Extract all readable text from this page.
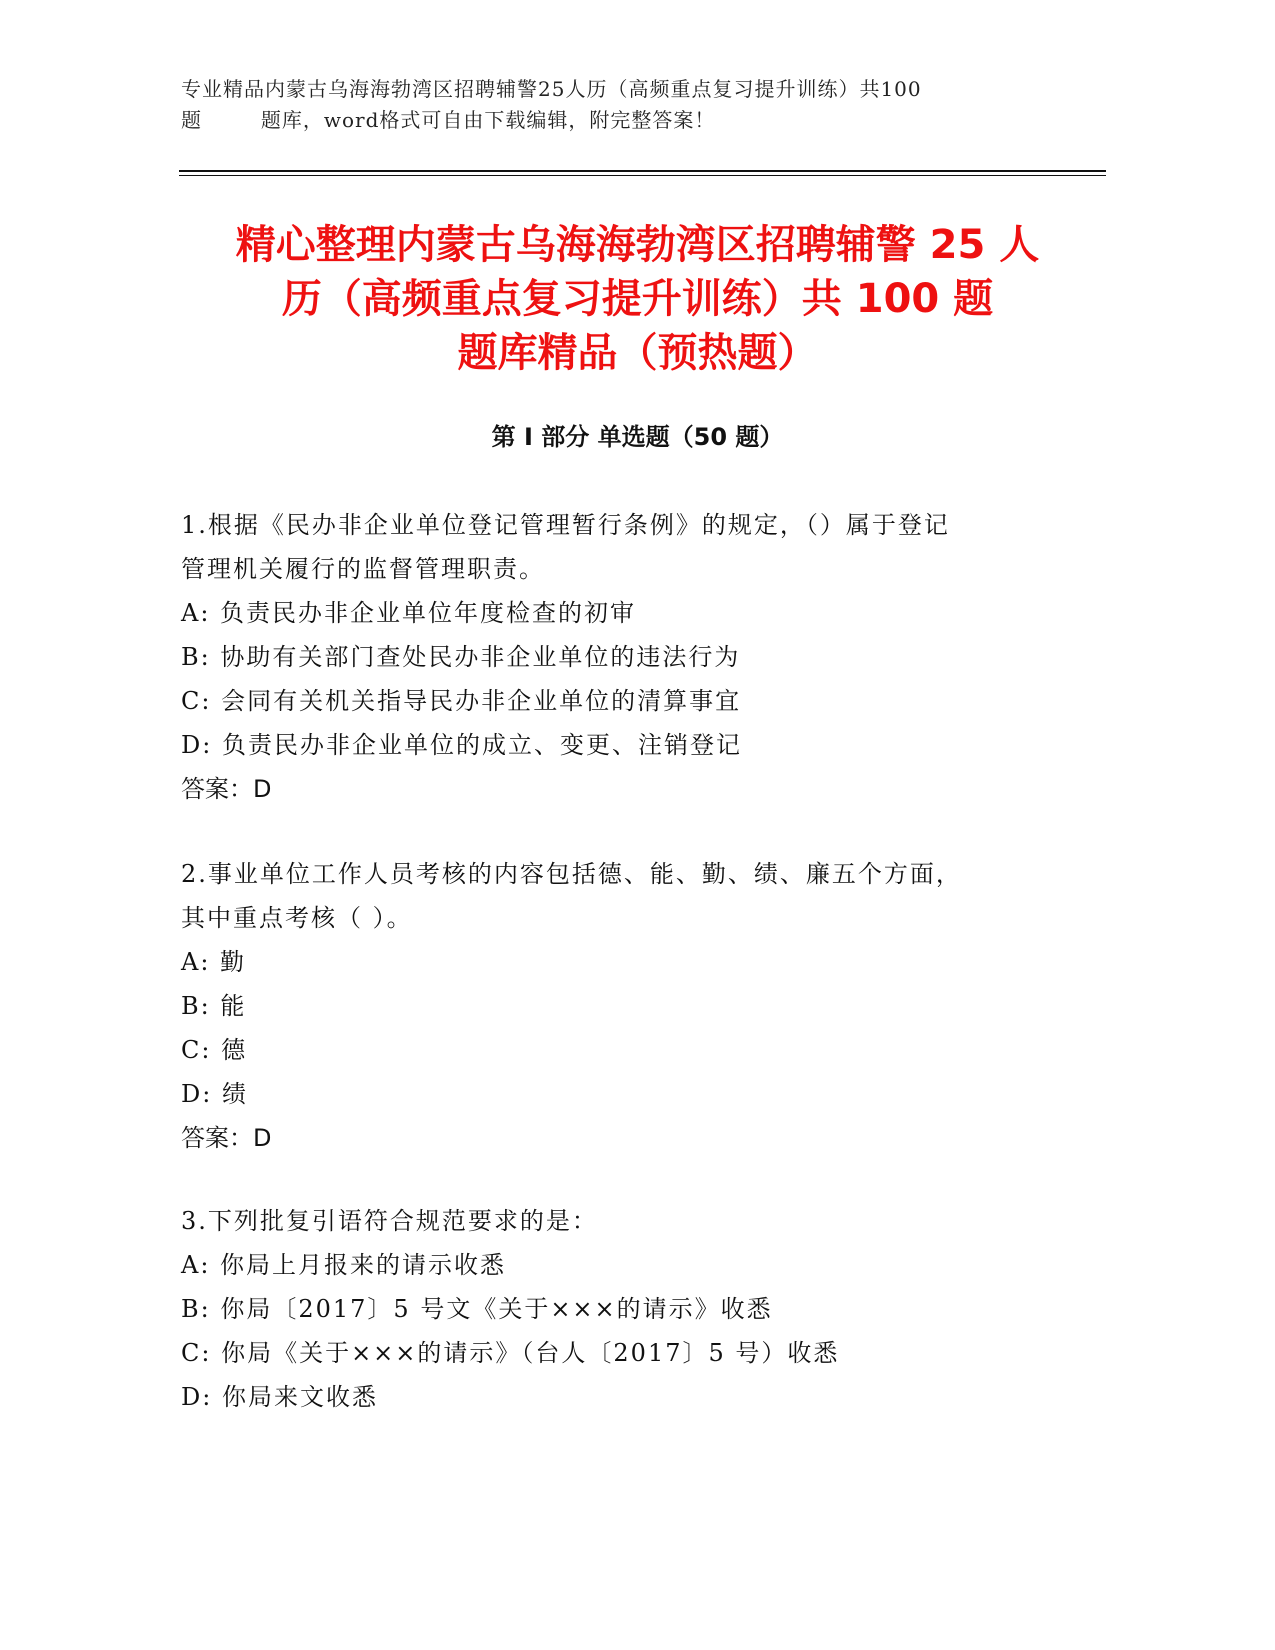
专业精品内蒙古乌海海勃湾区招聘辅警25人历（高频重点复习提升训练）共100
题        题库，word格式可自由下载编辑，附完整答案！
精心整理内蒙古乌海海勃湾区招聘辅警 25 人
历（高频重点复习提升训练）共 100 题
题库精品（预热题）
第 I 部分 单选题（50 题）
1.根据《民办非企业单位登记管理暂行条例》的规定，（）属于登记
管理机关履行的监督管理职责。
A: 负责民办非企业单位年度检查的初审
B: 协助有关部门查处民办非企业单位的违法行为
C: 会同有关机关指导民办非企业单位的清算事宜
D: 负责民办非企业单位的成立、变更、注销登记
答案：D
2.事业单位工作人员考核的内容包括德、能、勤、绩、廉五个方面，
其中重点考核（ ）。
A: 勤
B: 能
C: 德
D: 绩
答案：D
3.下列批复引语符合规范要求的是：
A: 你局上月报来的请示收悉
B: 你局〔2017〕5 号文《关于×××的请示》收悉
C: 你局《关于×××的请示》（台人〔2017〕5 号）收悉
D: 你局来文收悉
